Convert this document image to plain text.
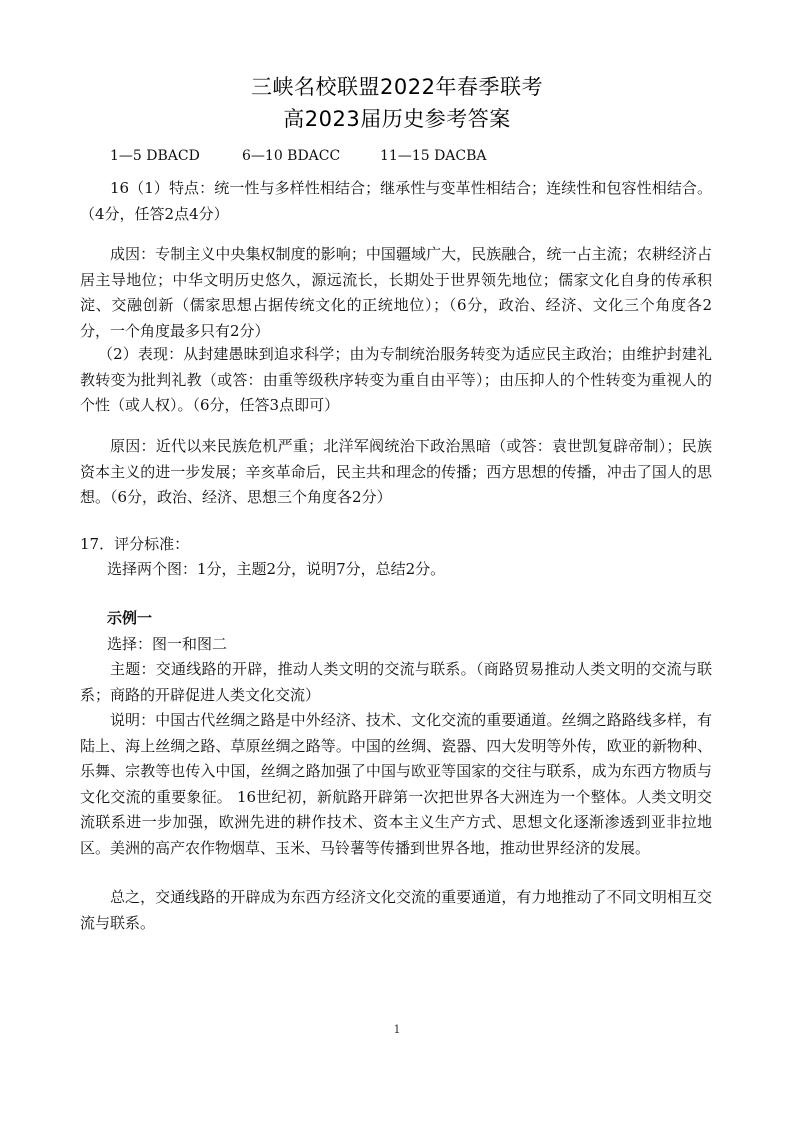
三峡名校联盟2022年春季联考
高2023届历史参考答案
1—5 DBACD	6—10 BDACC	11—15 DACBA

16（1）特点：统一性与多样性相结合；继承性与变革性相结合；连续性和包容性相结合。（4分，任答2点4分）

成因：专制主义中央集权制度的影响；中国疆域广大，民族融合，统一占主流；农耕经济占居主导地位；中华文明历史悠久，源远流长，长期处于世界领先地位；儒家文化自身的传承积淀、交融创新（儒家思想占据传统文化的正统地位）；（6分，政治、经济、文化三个角度各2分，一个角度最多只有2分）

（2）表现：从封建愚昧到追求科学；由为专制统治服务转变为适应民主政治；由维护封建礼教转变为批判礼教（或答：由重等级秩序转变为重自由平等）；由压抑人的个性转变为重视人的个性（或人权）。（6分，任答3点即可）

原因：近代以来民族危机严重；北洋军阀统治下政治黑暗（或答：袁世凯复辟帝制）；民族资本主义的进一步发展；辛亥革命后，民主共和理念的传播；西方思想的传播，冲击了国人的思想。（6分，政治、经济、思想三个角度各2分）

17．评分标准：

选择两个图：1分，主题2分，说明7分，总结2分。

示例一

选择：图一和图二

主题：交通线路的开辟，推动人类文明的交流与联系。（商路贸易推动人类文明的交流与联系；商路的开辟促进人类文化交流）

说明：中国古代丝绸之路是中外经济、技术、文化交流的重要通道。丝绸之路路线多样，有陆上、海上丝绸之路、草原丝绸之路等。中国的丝绸、瓷器、四大发明等外传，欧亚的新物种、乐舞、宗教等也传入中国，丝绸之路加强了中国与欧亚等国家的交往与联系，成为东西方物质与文化交流的重要象征。 16世纪初，新航路开辟第一次把世界各大洲连为一个整体。人类文明交流联系进一步加强，欧洲先进的耕作技术、资本主义生产方式、思想文化逐渐渗透到亚非拉地区。美洲的高产农作物烟草、玉米、马铃薯等传播到世界各地，推动世界经济的发展。

总之，交通线路的开辟成为东西方经济文化交流的重要通道，有力地推动了不同文明相互交流与联系。

1
